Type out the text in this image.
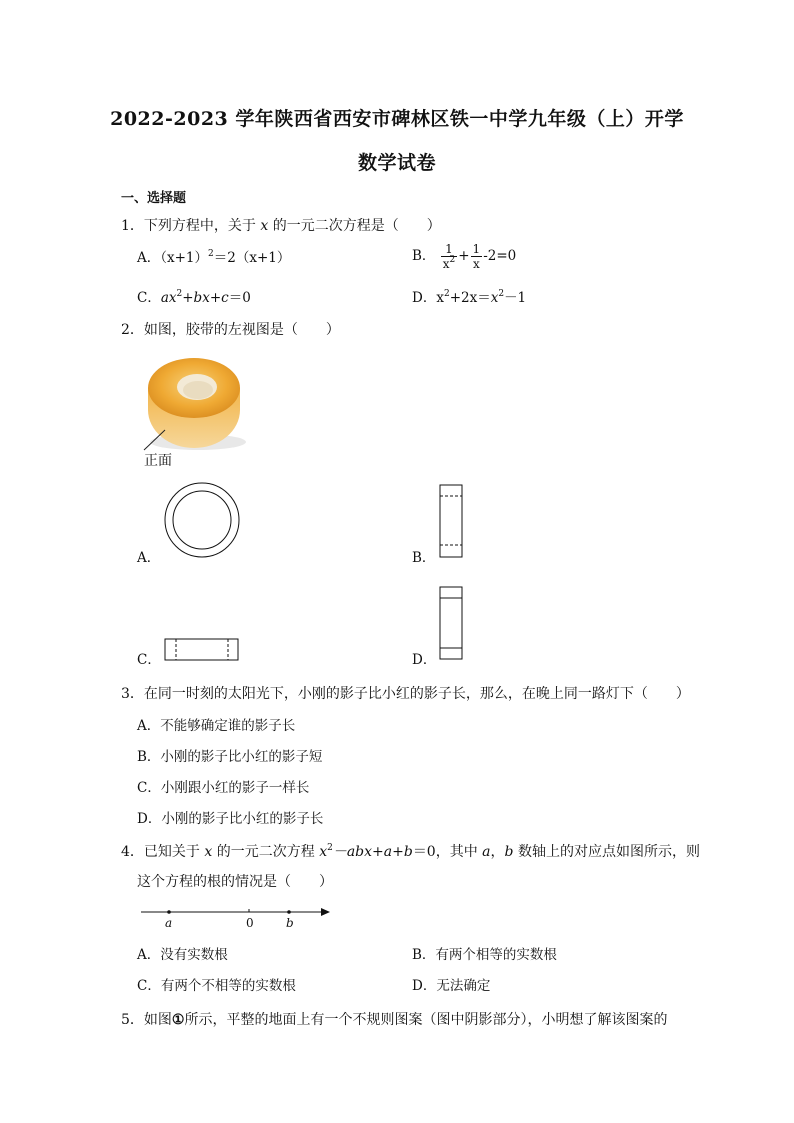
2022-2023 学年陕西省西安市碑林区铁一中学九年级（上）开学
数学试卷
一、选择题
1．下列方程中，关于 x 的一元二次方程是（　　）
A．$(x+1)^2=2(x+1)$	B． $\frac{1}{x^2} + \frac{1}{x} -2=0$
C．$ax^2+bx+c=0$	D．$x^2+2x=x^2-1$
2．如图，胶带的左视图是（　　）
正面
A．	B．
C．	D．
3．在同一时刻的太阳光下，小刚的影子比小红的影子长，那么，在晚上同一路灯下（　　）
A．不能够确定谁的影子长
B．小刚的影子比小红的影子短
C．小刚跟小红的影子一样长
D．小刚的影子比小红的影子长
4．已知关于 x 的一元二次方程 $x^2-abx+a+b=0$，其中 a，b 数轴上的对应点如图所示，则
这个方程的根的情况是（　　）
a	0	b
A．没有实数根	B．有两个相等的实数根
C．有两个不相等的实数根	D．无法确定
5．如图①所示，平整的地面上有一个不规则图案（图中阴影部分），小明想了解该图案的
